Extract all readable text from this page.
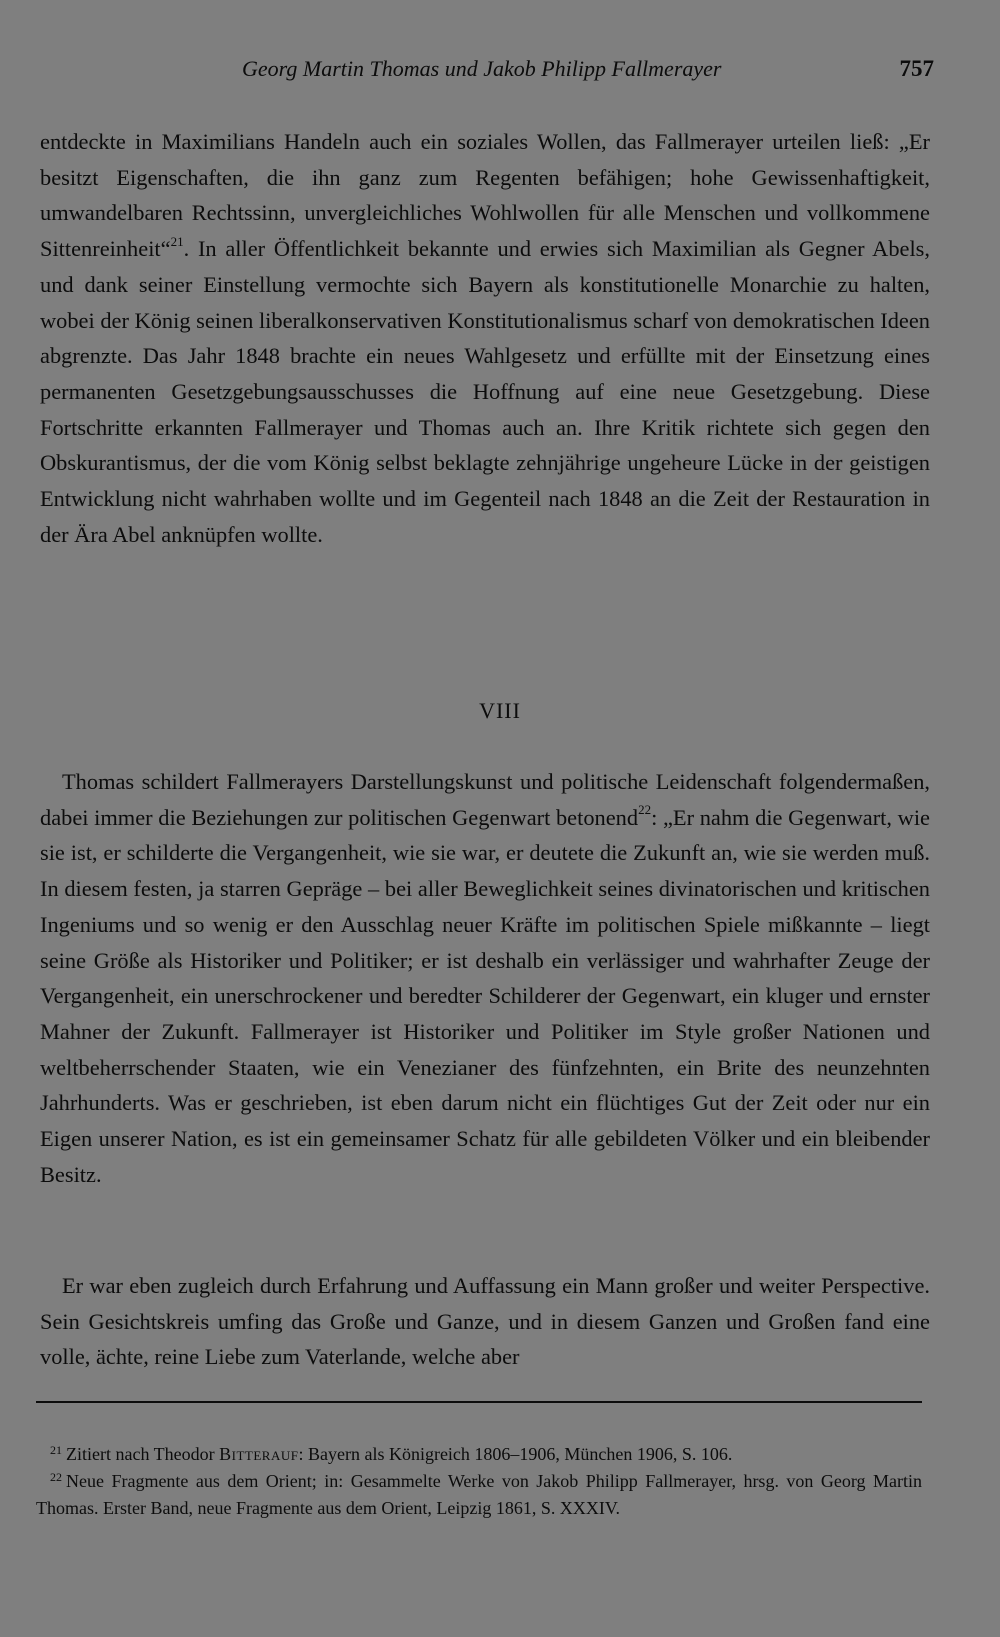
Georg Martin Thomas und Jakob Philipp Fallmerayer	757

entdeckte in Maximilians Handeln auch ein soziales Wollen, das Fallmerayer urteilen ließ: „Er besitzt Eigenschaften, die ihn ganz zum Regenten befähigen; hohe Gewissenhaftigkeit, umwandelbaren Rechtssinn, unvergleichliches Wohlwollen für alle Menschen und vollkommene Sittenreinheit“$^{21}$. In aller Öffentlichkeit bekannte und erwies sich Maximilian als Gegner Abels, und dank seiner Einstellung vermochte sich Bayern als konstitutionelle Monarchie zu halten, wobei der König seinen liberalkonservativen Konstitutionalismus scharf von demokratischen Ideen abgrenzte. Das Jahr 1848 brachte ein neues Wahlgesetz und erfüllte mit der Einsetzung eines permanenten Gesetzgebungsausschusses die Hoffnung auf eine neue Gesetzgebung. Diese Fortschritte erkannten Fallmerayer und Thomas auch an. Ihre Kritik richtete sich gegen den Obskurantismus, der die vom König selbst beklagte zehnjährige ungeheure Lücke in der geistigen Entwicklung nicht wahrhaben wollte und im Gegenteil nach 1848 an die Zeit der Restauration in der Ära Abel anknüpfen wollte.

VIII

Thomas schildert Fallmerayers Darstellungskunst und politische Leidenschaft folgendermaßen, dabei immer die Beziehungen zur politischen Gegenwart betonend$^{22}$: „Er nahm die Gegenwart, wie sie ist, er schilderte die Vergangenheit, wie sie war, er deutete die Zukunft an, wie sie werden muß. In diesem festen, ja starren Gepräge – bei aller Beweglichkeit seines divinatorischen und kritischen Ingeniums und so wenig er den Ausschlag neuer Kräfte im politischen Spiele mißkannte – liegt seine Größe als Historiker und Politiker; er ist deshalb ein verlässiger und wahrhafter Zeuge der Vergangenheit, ein unerschrockener und beredter Schilderer der Gegenwart, ein kluger und ernster Mahner der Zukunft. Fallmerayer ist Historiker und Politiker im Style großer Nationen und weltbeherrschender Staaten, wie ein Venezianer des fünfzehnten, ein Brite des neunzehnten Jahrhunderts. Was er geschrieben, ist eben darum nicht ein flüchtiges Gut der Zeit oder nur ein Eigen unserer Nation, es ist ein gemeinsamer Schatz für alle gebildeten Völker und ein bleibender Besitz.

Er war eben zugleich durch Erfahrung und Auffassung ein Mann großer und weiter Perspective. Sein Gesichtskreis umfing das Große und Ganze, und in diesem Ganzen und Großen fand eine volle, ächte, reine Liebe zum Vaterlande, welche aber

$^{21}$ Zitiert nach Theodor Bitterauf: Bayern als Königreich 1806–1906, München 1906, S. 106.

$^{22}$ Neue Fragmente aus dem Orient; in: Gesammelte Werke von Jakob Philipp Fallmerayer, hrsg. von Georg Martin Thomas. Erster Band, neue Fragmente aus dem Orient, Leipzig 1861, S. XXXIV.
